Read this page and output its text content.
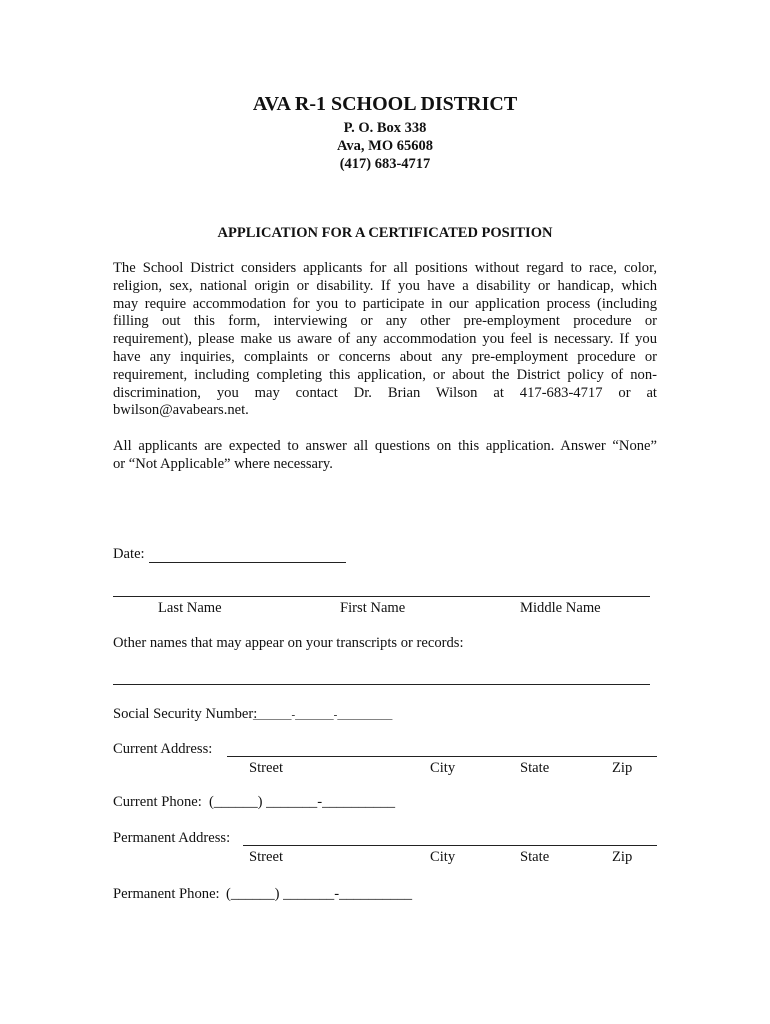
AVA R-1 SCHOOL DISTRICT
P. O. Box 338
Ava, MO 65608
(417) 683-4717
APPLICATION FOR A CERTIFICATED POSITION
The School District considers applicants for all positions without regard to race, color,
religion, sex, national origin or disability. If you have a disability or handicap, which
may require accommodation for you to participate in our application process (including
filling out this form, interviewing or any other pre-employment procedure or
requirement), please make us aware of any accommodation you feel is necessary. If you
have any inquiries, complaints or concerns about any pre-employment procedure or
requirement, including completing this application, or about the District policy of non-
discrimination, you may contact Dr. Brian Wilson at 417-683-4717 or at
bwilson@avabears.net.
All applicants are expected to answer all questions on this application. Answer “None”
or “Not Applicable” where necessary.
Date:
Last Name	First Name	Middle Name
Other names that may appear on your transcripts or records:
Social Security Number:
_______-_______-__________
Current Address:
Street	City	State	Zip
Current Phone: (______) _______-__________
Permanent Address:
Street	City	State	Zip
Permanent Phone: (______) _______-__________
